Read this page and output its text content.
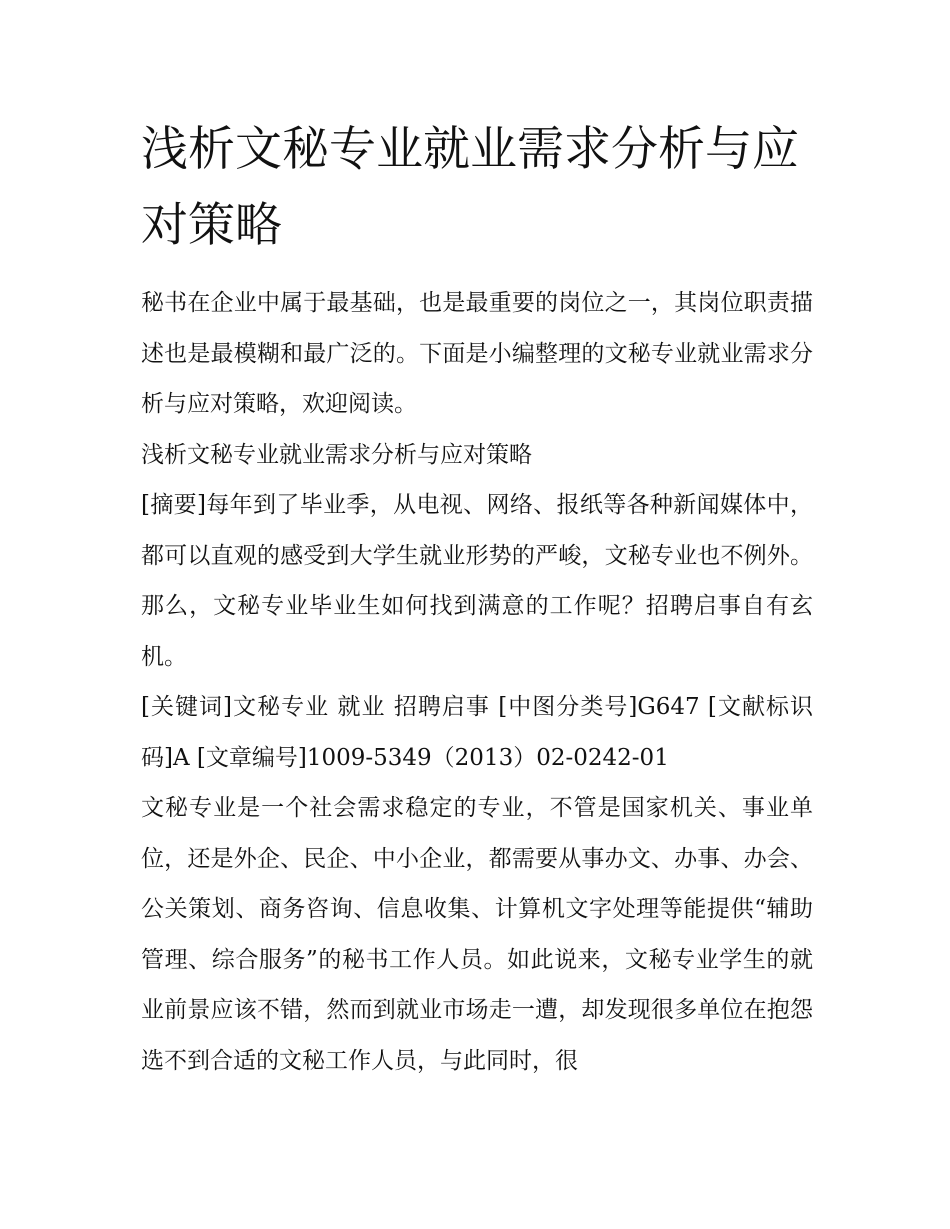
浅析文秘专业就业需求分析与应对策略

秘书在企业中属于最基础，也是最重要的岗位之一，其岗位职责描述也是最模糊和最广泛的。下面是小编整理的文秘专业就业需求分析与应对策略，欢迎阅读。

浅析文秘专业就业需求分析与应对策略

[摘要]每年到了毕业季，从电视、网络、报纸等各种新闻媒体中，都可以直观的感受到大学生就业形势的严峻，文秘专业也不例外。那么，文秘专业毕业生如何找到满意的工作呢？招聘启事自有玄机。

[关键词]文秘专业 就业 招聘启事 [中图分类号]G647 [文献标识码]A [文章编号]1009-5349（2013）02-0242-01

文秘专业是一个社会需求稳定的专业，不管是国家机关、事业单位，还是外企、民企、中小企业，都需要从事办文、办事、办会、公关策划、商务咨询、信息收集、计算机文字处理等能提供“辅助管理、综合服务”的秘书工作人员。如此说来，文秘专业学生的就业前景应该不错，然而到就业市场走一遭，却发现很多单位在抱怨选不到合适的文秘工作人员，与此同时，很
